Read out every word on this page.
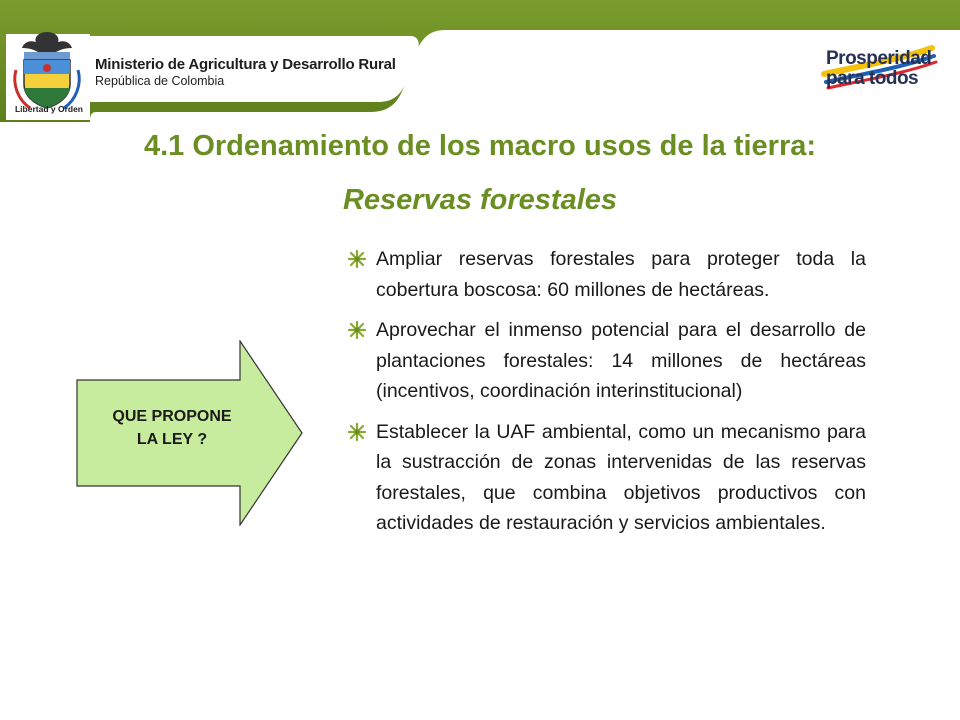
Libertad y Orden
Ministerio de Agricultura y Desarrollo Rural
República de Colombia
Prosperidad
para todos
4.1 Ordenamiento de los macro usos de la tierra:
Reservas forestales
QUE PROPONE
LA LEY ?
Ampliar reservas forestales para proteger toda la cobertura boscosa: 60 millones de hectáreas.
Aprovechar el inmenso potencial para el desarrollo de plantaciones forestales: 14 millones de hectáreas (incentivos, coordinación interinstitucional)
Establecer la UAF ambiental, como un mecanismo para la sustracción de zonas intervenidas de las reservas forestales, que combina objetivos productivos con actividades de restauración y servicios ambientales.
